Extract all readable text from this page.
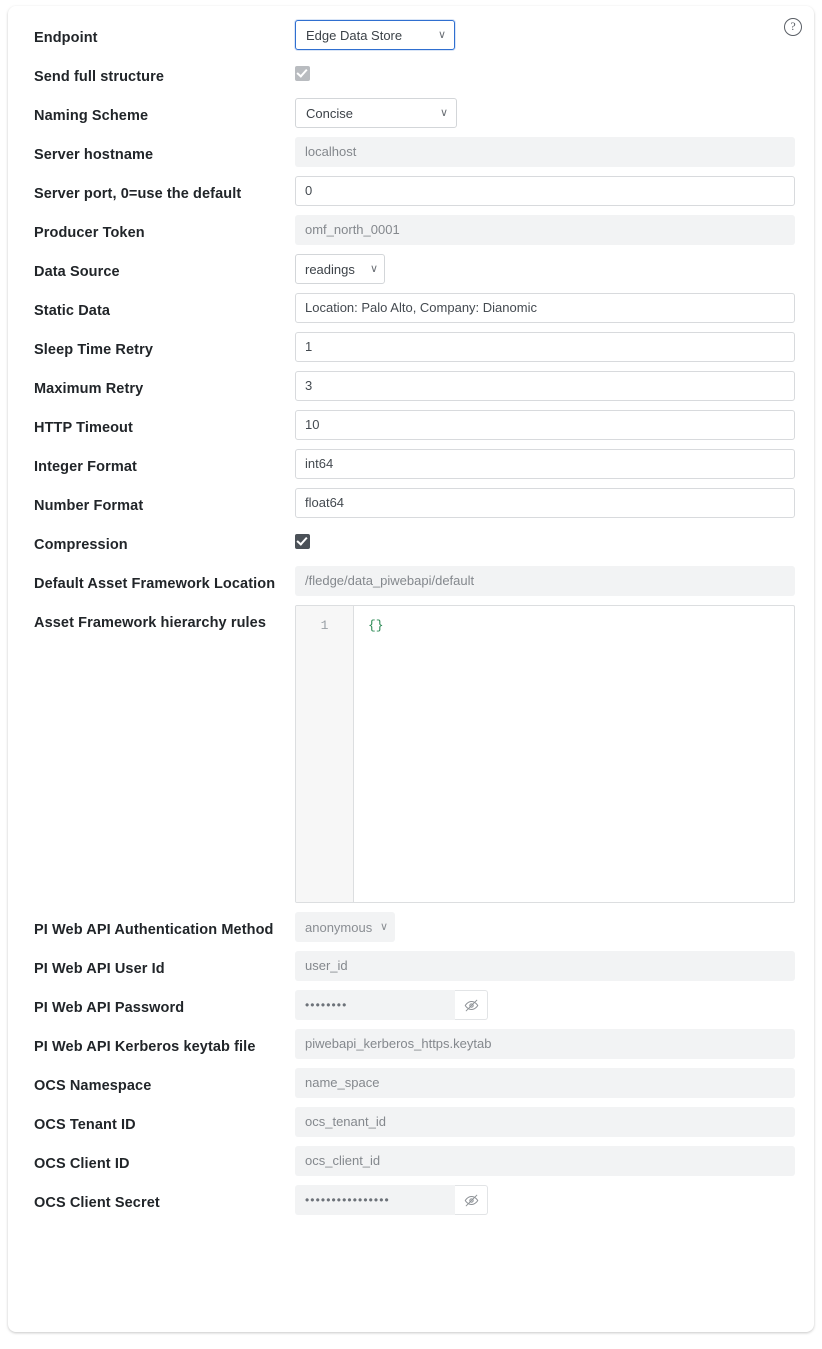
?
Endpoint	Edge Data Store	∨
Send full structure
Naming Scheme	Concise	∨
Server hostname	localhost
Server port, 0=use the default	0
Producer Token	omf_north_0001
Data Source	readings ∨
Static Data	Location: Palo Alto, Company: Dianomic
Sleep Time Retry	1
Maximum Retry	3
HTTP Timeout	10
Integer Format	int64
Number Format	float64
Compression
Default Asset Framework Location	/fledge/data_piwebapi/default
Asset Framework hierarchy rules	1	{}
PI Web API Authentication Method	anonymous ∨
PI Web API User Id	user_id
PI Web API Password	••••••••
PI Web API Kerberos keytab file	piwebapi_kerberos_https.keytab
OCS Namespace	name_space
OCS Tenant ID	ocs_tenant_id
OCS Client ID	ocs_client_id
OCS Client Secret	••••••••••••••••
